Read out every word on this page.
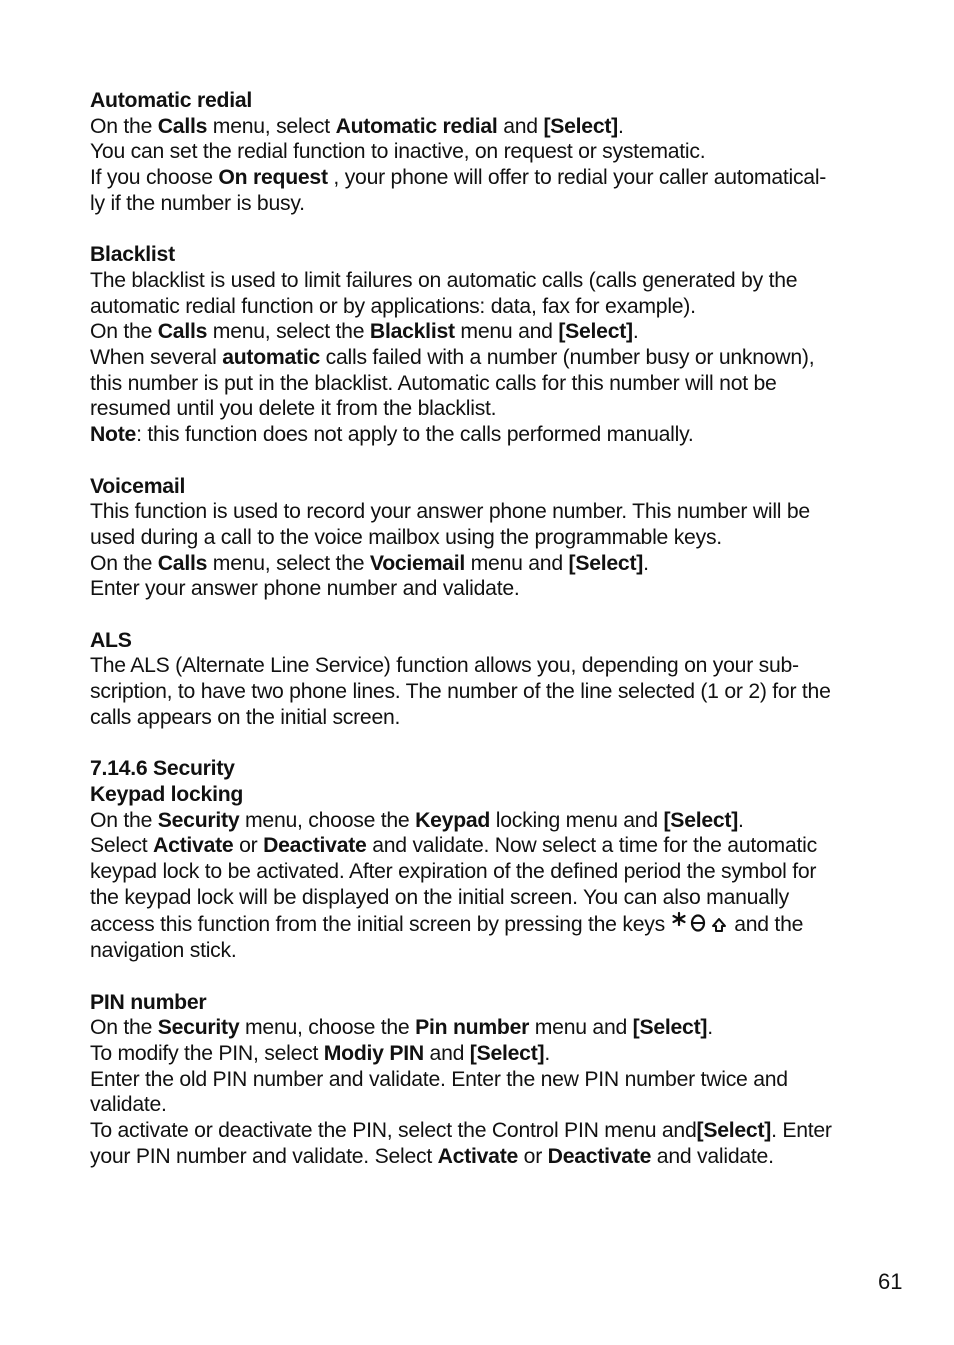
Automatic redial
On the Calls menu, select Automatic redial and [Select].
You can set the redial function to inactive, on request or systematic.
If you choose On request , your phone will offer to redial your caller automatical-
ly if the number is busy.
Blacklist
The blacklist is used to limit failures on automatic calls (calls generated by the
automatic redial function or by applications: data, fax for example).
On the Calls menu, select the Blacklist menu and [Select].
When several automatic calls failed with a number (number busy or unknown),
this number is put in the blacklist. Automatic calls for this number will not be
resumed until you delete it from the blacklist.
Note: this function does not apply to the calls performed manually.
Voicemail
This function is used to record your answer phone number. This number will be
used during a call to the voice mailbox using the programmable keys.
On the Calls menu, select the Vociemail menu and [Select].
Enter your answer phone number and validate.
ALS
The ALS (Alternate Line Service) function allows you, depending on your sub-
scription, to have two phone lines. The number of the line selected (1 or 2) for the
calls appears on the initial screen.
7.14.6 Security
Keypad locking
On the Security menu, choose the Keypad locking menu and [Select].
Select Activate or Deactivate and validate. Now select a time for the automatic
keypad lock to be activated. After expiration of the defined period the symbol for
the keypad lock will be displayed on the initial screen. You can also manually
access this function from the initial screen by pressing the keys	and the
navigation stick.
PIN number
On the Security menu, choose the Pin number menu and [Select].
To modify the PIN, select Modiy PIN and [Select].
Enter the old PIN number and validate. Enter the new PIN number twice and
validate.
To activate or deactivate the PIN, select the Control PIN menu and[Select]. Enter
your PIN number and validate. Select Activate or Deactivate and validate.
61
